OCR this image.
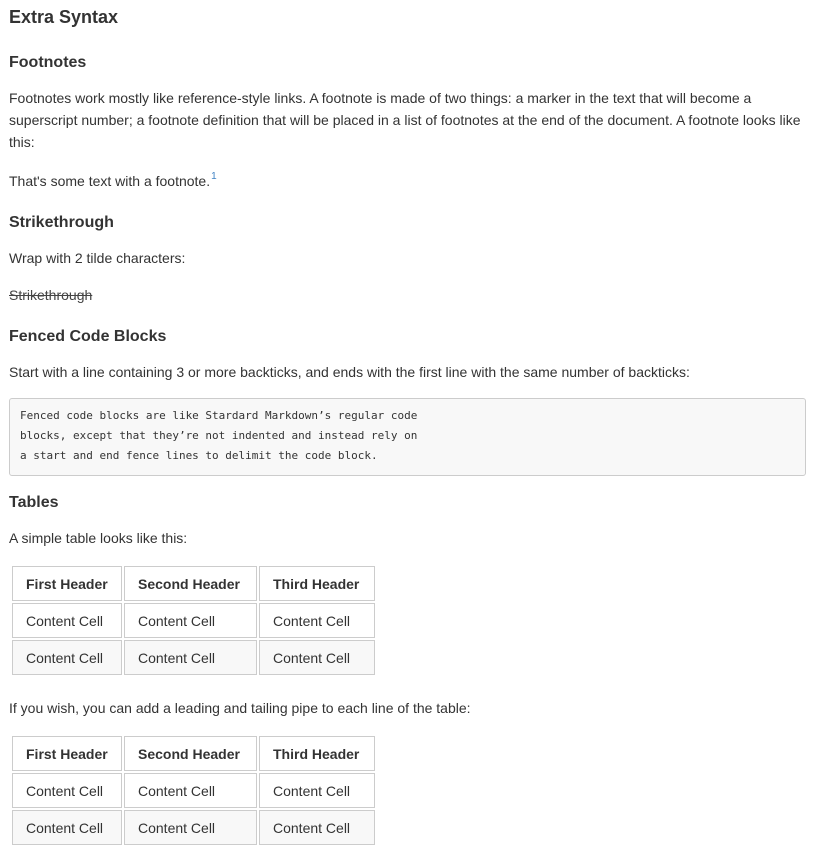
Extra Syntax
Footnotes

Footnotes work mostly like reference-style links. A footnote is made of two things: a marker in the text that will become a superscript number; a footnote definition that will be placed in a list of footnotes at the end of the document. A footnote looks like this:

That's some text with a footnote.$^1$

Strikethrough

Wrap with 2 tilde characters:

Strikethrough

Fenced Code Blocks

Start with a line containing 3 or more backticks, and ends with the first line with the same number of backticks:

Fenced code blocks are like Stardard Markdown’s regular code
blocks, except that they’re not indented and instead rely on
a start and end fence lines to delimit the code block.
Tables

A simple table looks like this:

First Header	Second Header	Third Header
Content Cell	Content Cell	Content Cell
Content Cell	Content Cell	Content Cell

If you wish, you can add a leading and tailing pipe to each line of the table:

First Header	Second Header	Third Header
Content Cell	Content Cell	Content Cell
Content Cell	Content Cell	Content Cell
